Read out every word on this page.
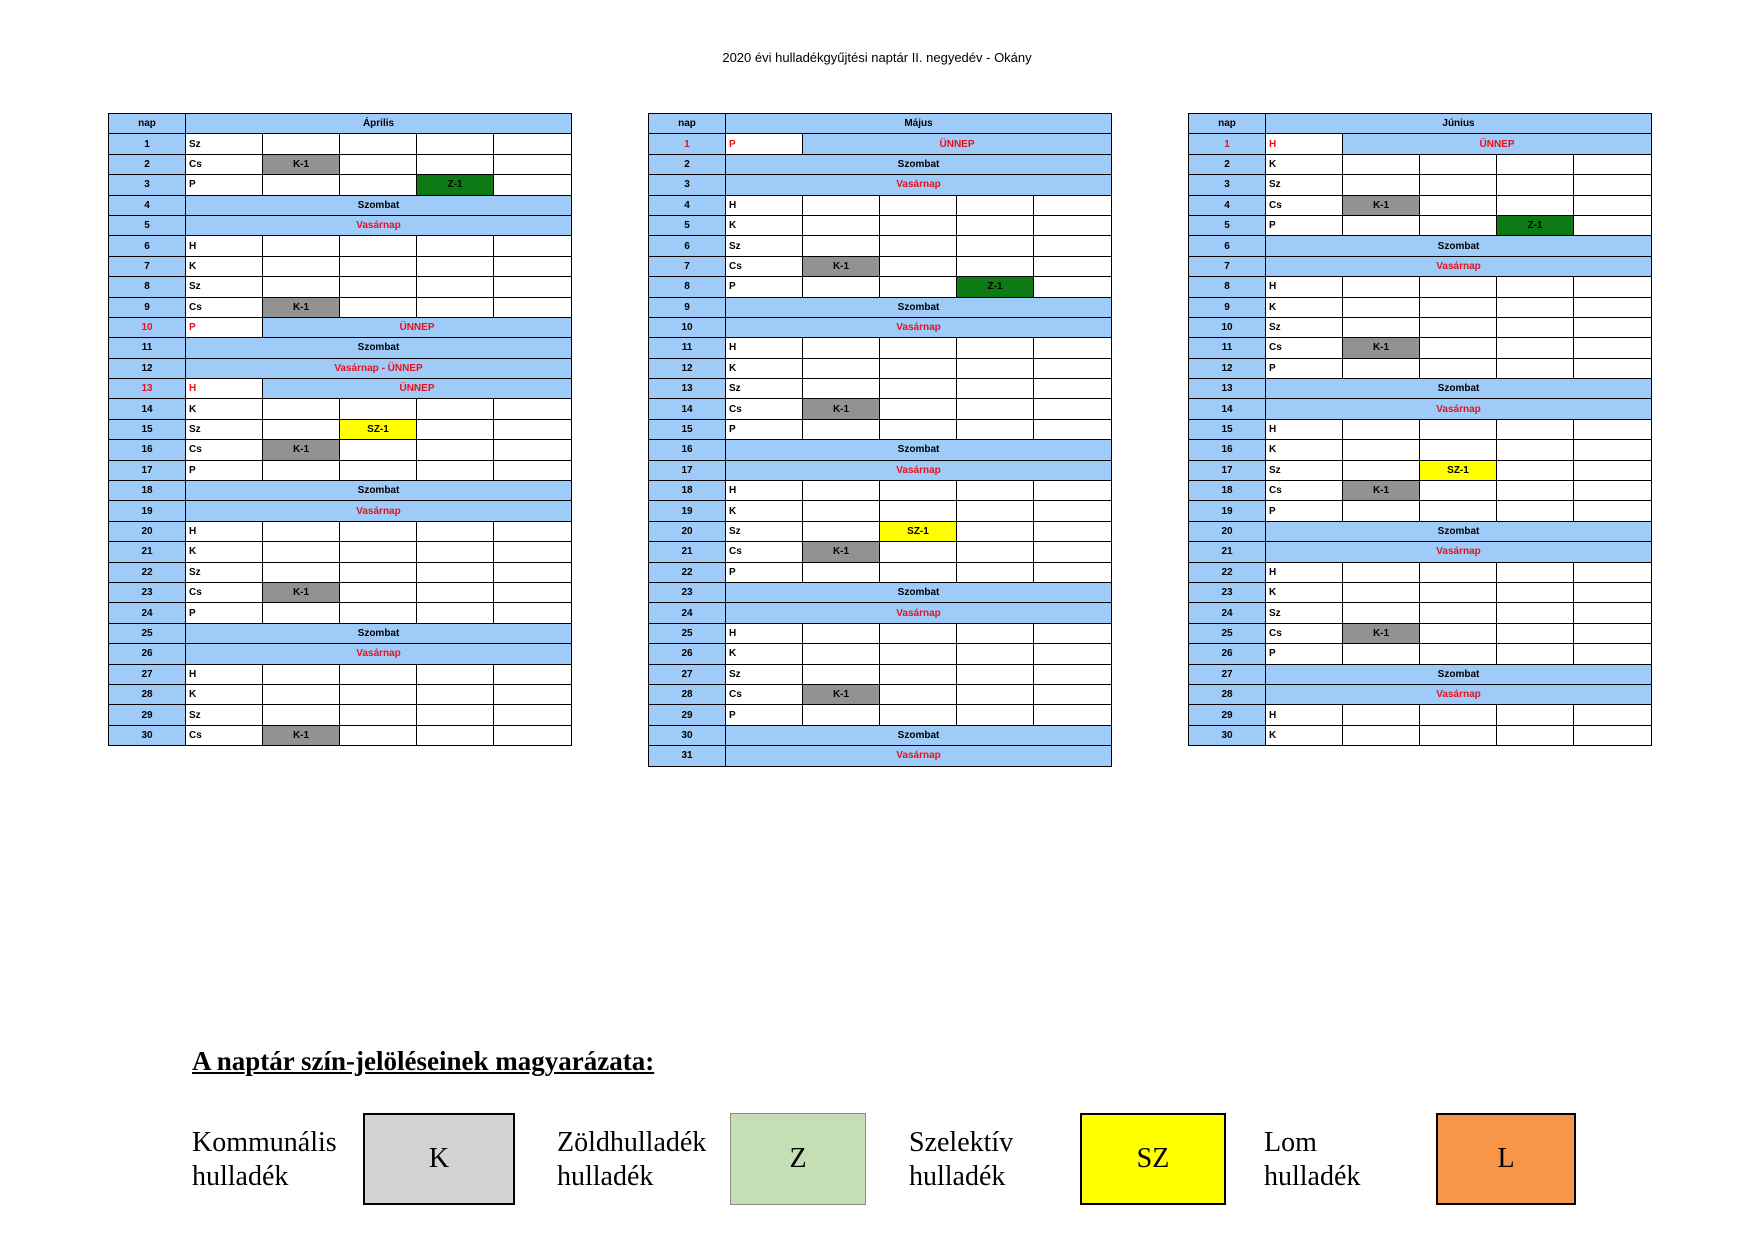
2020 évi hulladékgyűjtési naptár II. negyedév - Okány
nap	Április				
1	Sz				
2	Cs	K-1			
3	P			Z-1	
4	Szombat				
5	Vasárnap				
6	H				
7	K				
8	Sz				
9	Cs	K-1			
10	P	ÜNNEP			
11	Szombat				
12	Vasárnap - ÜNNEP				
13	H	ÜNNEP			
14	K				
15	Sz		SZ-1		
16	Cs	K-1			
17	P				
18	Szombat				
19	Vasárnap				
20	H				
21	K				
22	Sz				
23	Cs	K-1			
24	P				
25	Szombat				
26	Vasárnap				
27	H				
28	K				
29	Sz				
30	Cs	K-1			
nap	Május				
1	P	ÜNNEP			
2	Szombat				
3	Vasárnap				
4	H				
5	K				
6	Sz				
7	Cs	K-1			
8	P			Z-1	
9	Szombat				
10	Vasárnap				
11	H				
12	K				
13	Sz				
14	Cs	K-1			
15	P				
16	Szombat				
17	Vasárnap				
18	H				
19	K				
20	Sz		SZ-1		
21	Cs	K-1			
22	P				
23	Szombat				
24	Vasárnap				
25	H				
26	K				
27	Sz				
28	Cs	K-1			
29	P				
30	Szombat				
31	Vasárnap				
nap	Június				
1	H	ÜNNEP			
2	K				
3	Sz				
4	Cs	K-1			
5	P			Z-1	
6	Szombat				
7	Vasárnap				
8	H				
9	K				
10	Sz				
11	Cs	K-1			
12	P				
13	Szombat				
14	Vasárnap				
15	H				
16	K				
17	Sz		SZ-1		
18	Cs	K-1			
19	P				
20	Szombat				
21	Vasárnap				
22	H				
23	K				
24	Sz				
25	Cs	K-1			
26	P				
27	Szombat				
28	Vasárnap				
29	H				
30	K				
A naptár szín-jelöléseinek magyarázata:
Kommunális
hulladék
K
Zöldhulladék
hulladék
Z
Szelektív
hulladék
SZ
Lom
hulladék
L
